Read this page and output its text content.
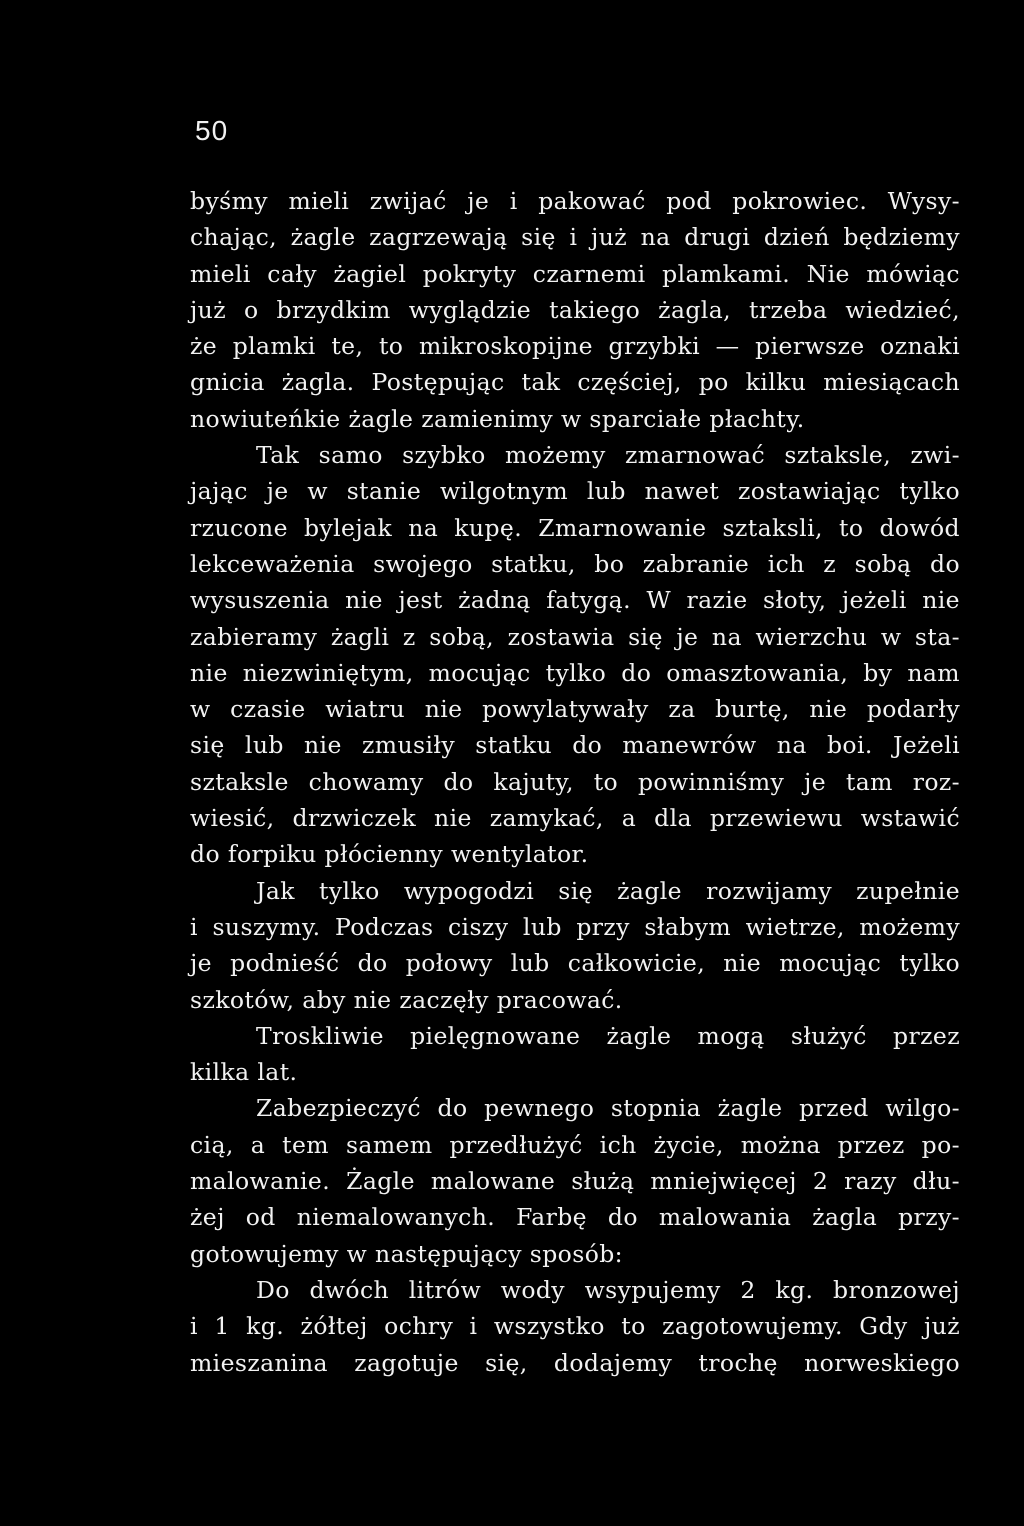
50
byśmy mieli zwijać je i pakować pod pokrowiec. Wysy-
chając, żagle zagrzewają się i już na drugi dzień będziemy
mieli cały żagiel pokryty czarnemi plamkami. Nie mówiąc
już o brzydkim wyglądzie takiego żagla, trzeba wiedzieć,
że plamki te, to mikroskopijne grzybki — pierwsze oznaki
gnicia żagla. Postępując tak częściej, po kilku miesiącach
nowiuteńkie żagle zamienimy w sparciałe płachty.
Tak samo szybko możemy zmarnować sztaksle, zwi-
jając je w stanie wilgotnym lub nawet zostawiając tylko
rzucone bylejak na kupę. Zmarnowanie sztaksli, to dowód
lekceważenia swojego statku, bo zabranie ich z sobą do
wysuszenia nie jest żadną fatygą. W razie słoty, jeżeli nie
zabieramy żagli z sobą, zostawia się je na wierzchu w sta-
nie niezwiniętym, mocując tylko do omasztowania, by nam
w czasie wiatru nie powylatywały za burtę, nie podarły
się lub nie zmusiły statku do manewrów na boi. Jeżeli
sztaksle chowamy do kajuty, to powinniśmy je tam roz-
wiesić, drzwiczek nie zamykać, a dla przewiewu wstawić
do forpiku płócienny wentylator.
Jak tylko wypogodzi się żagle rozwijamy zupełnie
i suszymy. Podczas ciszy lub przy słabym wietrze, możemy
je podnieść do połowy lub całkowicie, nie mocując tylko
szkotów, aby nie zaczęły pracować.
Troskliwie pielęgnowane żagle mogą służyć przez
kilka lat.
Zabezpieczyć do pewnego stopnia żagle przed wilgo-
cią, a tem samem przedłużyć ich życie, można przez po-
malowanie. Żagle malowane służą mniejwięcej 2 razy dłu-
żej od niemalowanych. Farbę do malowania żagla przy-
gotowujemy w następujący sposób:
Do dwóch litrów wody wsypujemy 2 kg. bronzowej
i 1 kg. żółtej ochry i wszystko to zagotowujemy. Gdy już
mieszanina zagotuje się, dodajemy trochę norweskiego
